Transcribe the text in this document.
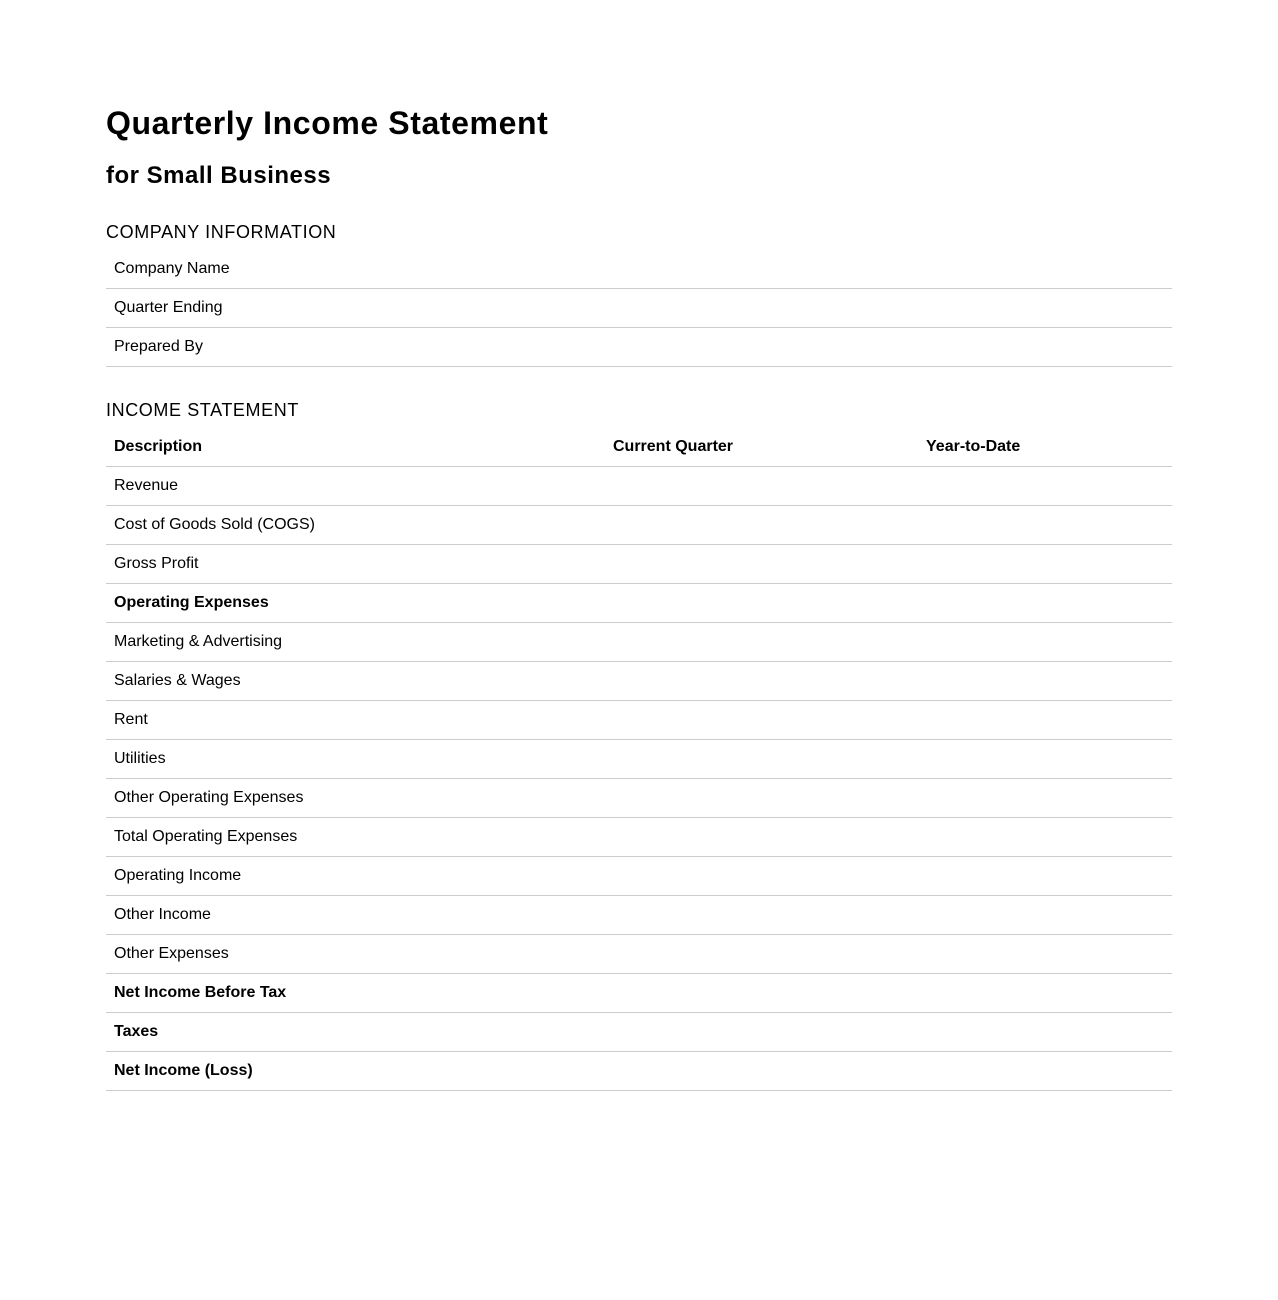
Quarterly Income Statement
for Small Business
COMPANY INFORMATION
Company Name	
Quarter Ending	
Prepared By	
INCOME STATEMENT
Description	Current Quarter	Year-to-Date
Revenue		
Cost of Goods Sold (COGS)		
Gross Profit		
Operating Expenses		
Marketing & Advertising		
Salaries & Wages		
Rent		
Utilities		
Other Operating Expenses		
Total Operating Expenses		
Operating Income		
Other Income		
Other Expenses		
Net Income Before Tax		
Taxes		
Net Income (Loss)		
